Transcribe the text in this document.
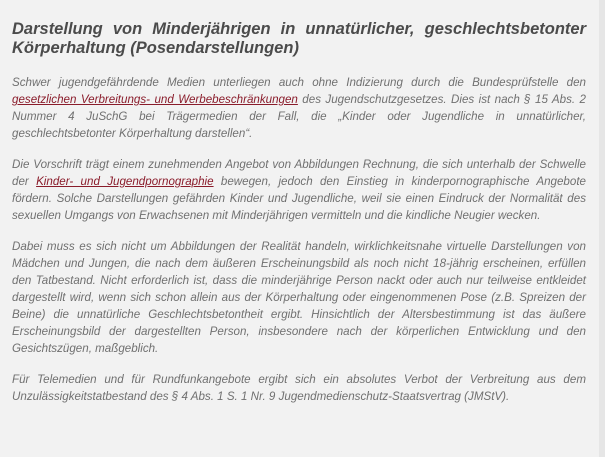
Darstellung von Minderjährigen in unnatürlicher, geschlechtsbetonter Körperhaltung (Posendarstellungen)

Schwer jugendgefährdende Medien unterliegen auch ohne Indizierung durch die Bundesprüfstelle den gesetzlichen Verbreitungs- und Werbebeschränkungen des Jugendschutzgesetzes. Dies ist nach § 15 Abs. 2 Nummer 4 JuSchG bei Trägermedien der Fall, die „Kinder oder Jugendliche in unnatürlicher, geschlechtsbetonter Körperhaltung darstellen“.

Die Vorschrift trägt einem zunehmenden Angebot von Abbildungen Rechnung, die sich unterhalb der Schwelle der Kinder- und Jugendpornographie bewegen, jedoch den Einstieg in kinderpornographische Angebote fördern. Solche Darstellungen gefährden Kinder und Jugendliche, weil sie einen Eindruck der Normalität des sexuellen Umgangs von Erwachsenen mit Minderjährigen vermitteln und die kindliche Neugier wecken.

Dabei muss es sich nicht um Abbildungen der Realität handeln, wirklichkeitsnahe virtuelle Darstellungen von Mädchen und Jungen, die nach dem äußeren Erscheinungsbild als noch nicht 18-jährig erscheinen, erfüllen den Tatbestand. Nicht erforderlich ist, dass die minderjährige Person nackt oder auch nur teilweise entkleidet dargestellt wird, wenn sich schon allein aus der Körperhaltung oder eingenommenen Pose (z.B. Spreizen der Beine) die unnatürliche Geschlechtsbetontheit ergibt. Hinsichtlich der Altersbestimmung ist das äußere Erscheinungsbild der dargestellten Person, insbesondere nach der körperlichen Entwicklung und den Gesichtszügen, maßgeblich.

Für Telemedien und für Rundfunkangebote ergibt sich ein absolutes Verbot der Verbreitung aus dem Unzulässigkeitstatbestand des § 4 Abs. 1 S. 1 Nr. 9 Jugendmedienschutz-Staatsvertrag (JMStV).
